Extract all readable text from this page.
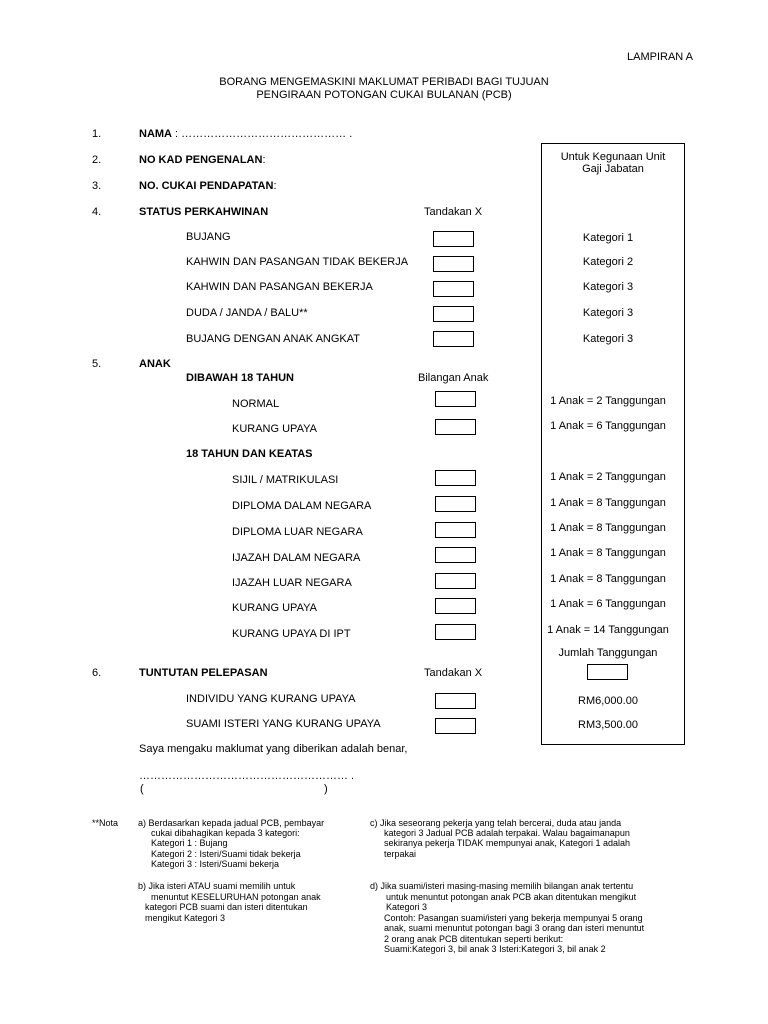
LAMPIRAN A
BORANG MENGEMASKINI MAKLUMAT PERIBADI BAGI TUJUAN
PENGIRAAN POTONGAN CUKAI BULANAN (PCB)
Untuk Kegunaan Unit
Gaji Jabatan
1.	NAMA : ……………………………………… .
2.	NO KAD PENGENALAN:
3.	NO. CUKAI PENDAPATAN:
4.	STATUS PERKAHWINAN	Tandakan X
BUJANG	Kategori 1
KAHWIN DAN PASANGAN TIDAK BEKERJA	Kategori 2
KAHWIN DAN PASANGAN BEKERJA	Kategori 3
DUDA / JANDA / BALU**	Kategori 3
BUJANG DENGAN ANAK ANGKAT	Kategori 3
5.	ANAK
DIBAWAH 18 TAHUN	Bilangan Anak
NORMAL	1 Anak = 2 Tanggungan
KURANG UPAYA	1 Anak = 6 Tanggungan
18 TAHUN DAN KEATAS
SIJIL / MATRIKULASI	1 Anak = 2 Tanggungan
DIPLOMA DALAM NEGARA	1 Anak = 8 Tanggungan
DIPLOMA LUAR NEGARA	1 Anak = 8 Tanggungan
IJAZAH DALAM NEGARA	1 Anak = 8 Tanggungan
IJAZAH LUAR NEGARA	1 Anak = 8 Tanggungan
KURANG UPAYA	1 Anak = 6 Tanggungan
KURANG UPAYA DI IPT	1 Anak = 14 Tanggungan
Jumlah Tanggungan
6.	TUNTUTAN PELEPASAN	Tandakan X
INDIVIDU YANG KURANG UPAYA	RM6,000.00
SUAMI ISTERI YANG KURANG UPAYA	RM3,500.00
Saya mengaku maklumat yang diberikan adalah benar,
………………………………………………… .
(	)
**Nota a) Berdasarkan kepada jadual PCB, pembayar
cukai dibahagikan kepada 3 kategori:
Kategori 1 : Bujang
Kategori 2 : Isteri/Suami tidak bekerja
Kategori 3 : Isteri/Suami bekerja
b) Jika isteri ATAU suami memilih untuk
menuntut KESELURUHAN potongan anak
kategori PCB suami dan isteri ditentukan
mengikut Kategori 3
c) Jika seseorang pekerja yang telah bercerai, duda atau janda
kategori 3 Jadual PCB adalah terpakai. Walau bagaimanapun
sekiranya pekerja TIDAK mempunyai anak, Kategori 1 adalah
terpakai
d) Jika suami/isteri masing-masing memilih bilangan anak tertentu
untuk menuntut potongan anak PCB akan ditentukan mengikut
Kategori 3
Contoh: Pasangan suami/isteri yang bekerja mempunyai 5 orang
anak, suami menuntut potongan bagi 3 orang dan isteri menuntut
2 orang anak PCB ditentukan seperti berikut:
Suami:Kategori 3, bil anak 3 Isteri:Kategori 3, bil anak 2
